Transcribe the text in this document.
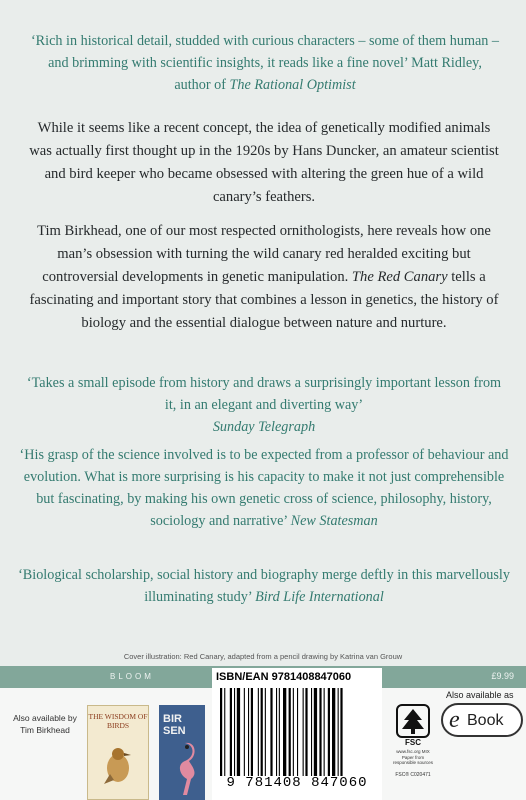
‘Rich in historical detail, studded with curious characters – some of them human – and brimming with scientific insights, it reads like a fine novel’ Matt Ridley, author of The Rational Optimist

While it seems like a recent concept, the idea of genetically modified animals was actually first thought up in the 1920s by Hans Duncker, an amateur scientist and bird keeper who became obsessed with altering the green hue of a wild canary’s feathers.

Tim Birkhead, one of our most respected ornithologists, here reveals how one man’s obsession with turning the wild canary red heralded exciting but controversial developments in genetic manipulation. The Red Canary tells a fascinating and important story that combines a lesson in genetics, the history of biology and the essential dialogue between nature and nurture.

‘Takes a small episode from history and draws a surprisingly important lesson from it, in an elegant and diverting way’
Sunday Telegraph

‘His grasp of the science involved is to be expected from a professor of behaviour and evolution. What is more surprising is his capacity to make it not just comprehensible but fascinating, by making his own genetic cross of science, philosophy, history, sociology and narrative’ New Statesman

‘Biological scholarship, social history and biography merge deftly in this marvellously illuminating study’ Bird Life International

Cover illustration: Red Canary, adapted from a pencil drawing by Katrina van Grouw
BLOOM	£9.99
Also available by Tim Birkhead
THE WISDOM OF BIRDS
BIR SEN
ISBN/EAN 9781408847060
9 781408 847060
FSC
www.fsc.org MIX Paper from responsible sources
FSC® C020471
Also available as
e Book
